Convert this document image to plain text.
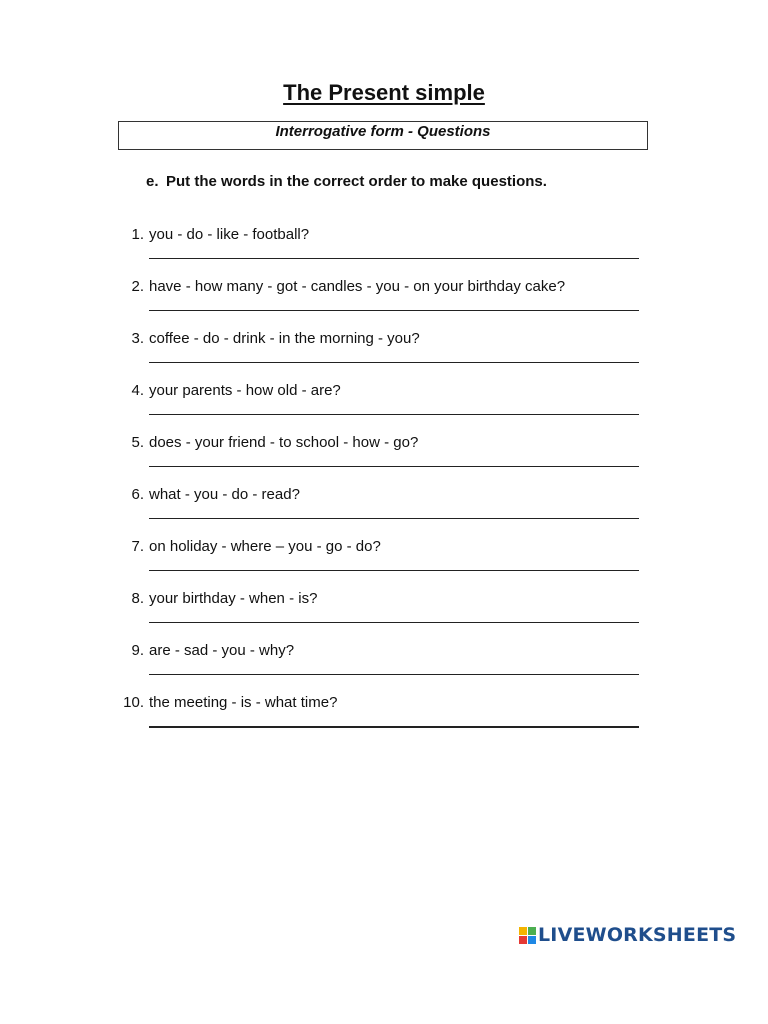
The Present simple
Interrogative form - Questions
e. Put the words in the correct order to make questions.
1. you - do - like - football?
2. have - how many - got - candles - you - on your birthday cake?
3. coffee - do - drink - in the morning - you?
4. your parents - how old - are?
5. does - your friend - to school - how - go?
6. what - you - do - read?
7. on holiday - where – you - go - do?
8. your birthday - when - is?
9. are - sad - you - why?
10. the meeting - is - what time?
LIVEWORKSHEETS
